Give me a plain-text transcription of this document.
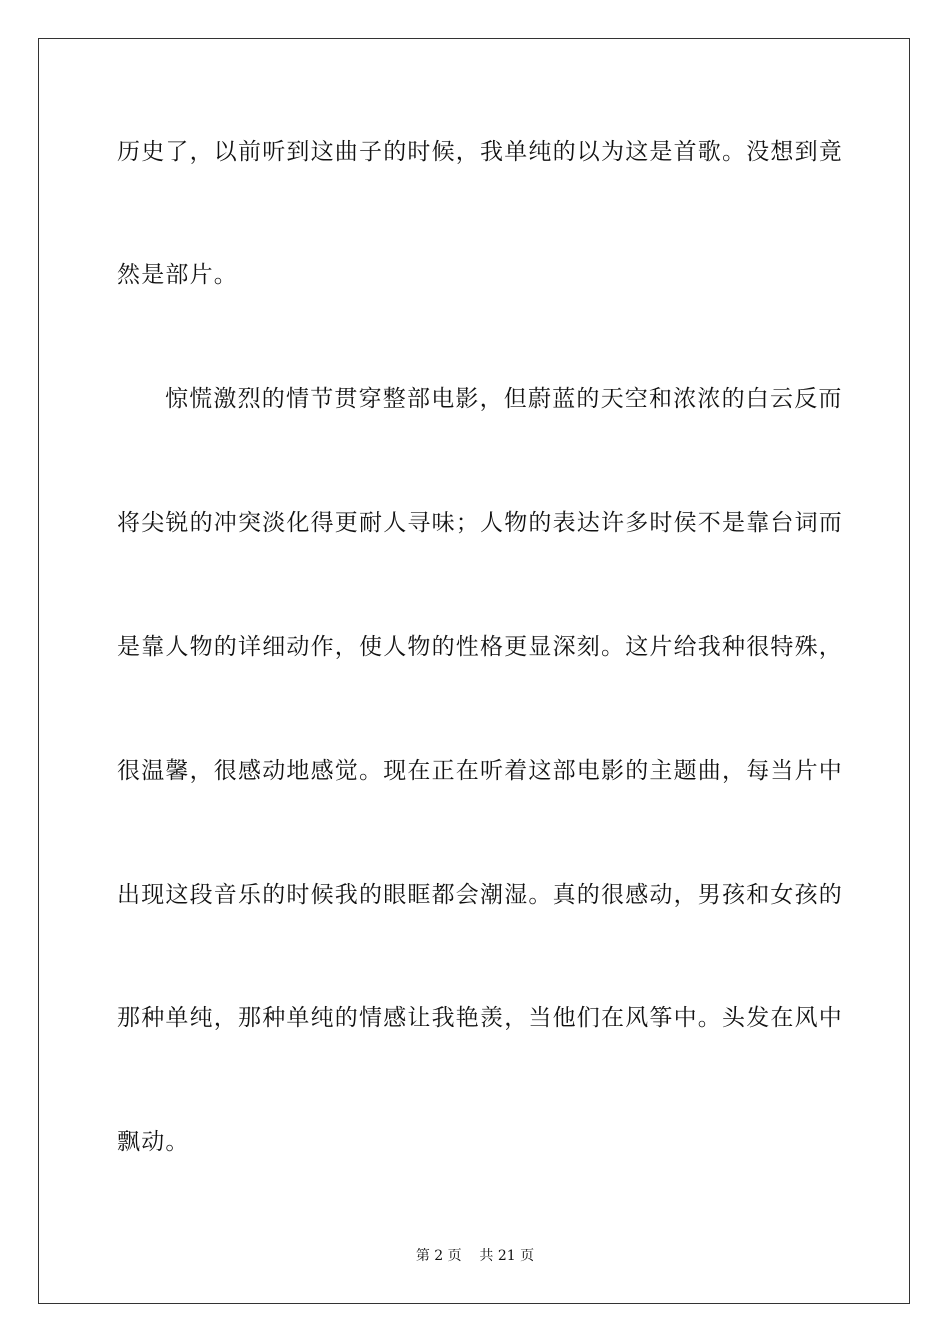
历史了，以前听到这曲子的时候，我单纯的以为这是首歌。没想到竟
然是部片。
惊慌激烈的情节贯穿整部电影，但蔚蓝的天空和浓浓的白云反而
将尖锐的冲突淡化得更耐人寻味；人物的表达许多时侯不是靠台词而
是靠人物的详细动作，使人物的性格更显深刻。这片给我种很特殊，
很温馨，很感动地感觉。现在正在听着这部电影的主题曲，每当片中
出现这段音乐的时候我的眼眶都会潮湿。真的很感动，男孩和女孩的
那种单纯，那种单纯的情感让我艳羡，当他们在风筝中。头发在风中
飘动。
第 2 页    共 21 页
